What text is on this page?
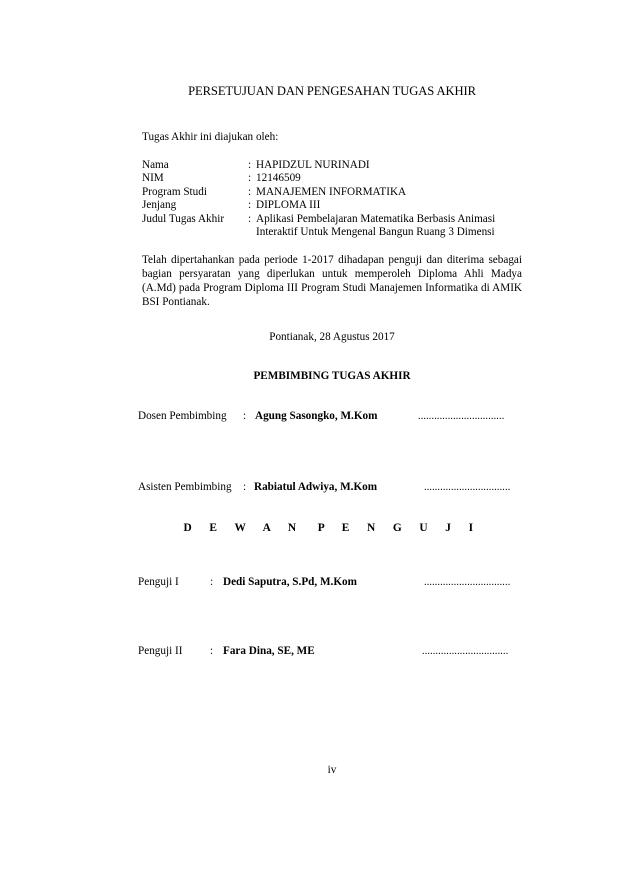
PERSETUJUAN DAN PENGESAHAN TUGAS AKHIR
Tugas Akhir ini diajukan oleh:
Nama	: HAPIDZUL NURINADI
NIM	: 12146509
Program Studi	: MANAJEMEN INFORMATIKA
Jenjang	: DIPLOMA III
Judul Tugas Akhir : Aplikasi Pembelajaran Matematika Berbasis Animasi
Interaktif Untuk Mengenal Bangun Ruang 3 Dimensi
Telah dipertahankan pada periode 1-2017 dihadapan penguji dan diterima sebagai bagian persyaratan yang diperlukan untuk memperoleh Diploma Ahli Madya (A.Md) pada Program Diploma III Program Studi Manajemen Informatika di AMIK BSI Pontianak.
Pontianak, 28 Agustus 2017
PEMBIMBING TUGAS AKHIR
Dosen Pembimbing : Agung Sasongko, M.Kom	................................
Asisten Pembimbing : Rabiatul Adwiya, M.Kom	................................
D E W A N P E N G U J I
Penguji I	: Dedi Saputra, S.Pd, M.Kom	................................
Penguji II : Fara Dina, SE, ME	................................
iv
